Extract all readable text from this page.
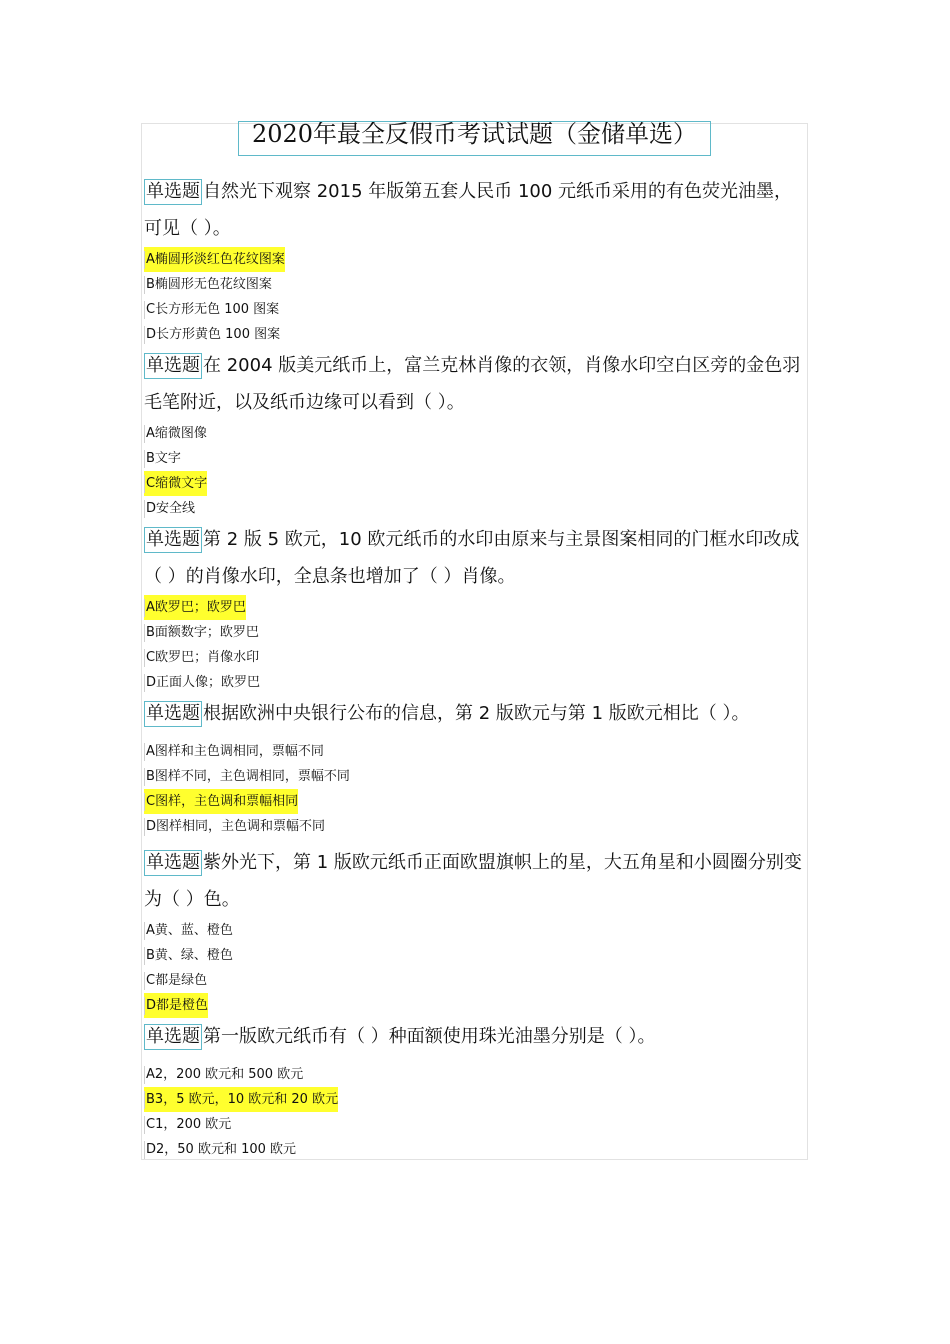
2020年最全反假币考试试题（金储单选）

单选题 自然光下观察 2015 年版第五套人民币 100 元纸币采用的有色荧光油墨，可见（ ）。

A椭圆形淡红色花纹图案
B椭圆形无色花纹图案
C长方形无色 100 图案
D长方形黄色 100 图案

单选题 在 2004 版美元纸币上，富兰克林肖像的衣领，肖像水印空白区旁的金色羽毛笔附近，以及纸币边缘可以看到（ ）。

A缩微图像
B文字
C缩微文字
D安全线

单选题 第 2 版 5 欧元，10 欧元纸币的水印由原来与主景图案相同的门框水印改成（ ）的肖像水印，全息条也增加了（ ）肖像。

A欧罗巴；欧罗巴
B面额数字；欧罗巴
C欧罗巴；肖像水印
D正面人像；欧罗巴

单选题 根据欧洲中央银行公布的信息，第 2 版欧元与第 1 版欧元相比（ ）。

A图样和主色调相同，票幅不同
B图样不同，主色调相同，票幅不同
C图样，主色调和票幅相同
D图样相同，主色调和票幅不同

单选题 紫外光下，第 1 版欧元纸币正面欧盟旗帜上的星，大五角星和小圆圈分别变为（ ）色。

A黄、蓝、橙色
B黄、绿、橙色
C都是绿色
D都是橙色

单选题 第一版欧元纸币有（ ）种面额使用珠光油墨分别是（ ）。

A2，200 欧元和 500 欧元
B3，5 欧元，10 欧元和 20 欧元
C1，200 欧元
D2，50 欧元和 100 欧元
